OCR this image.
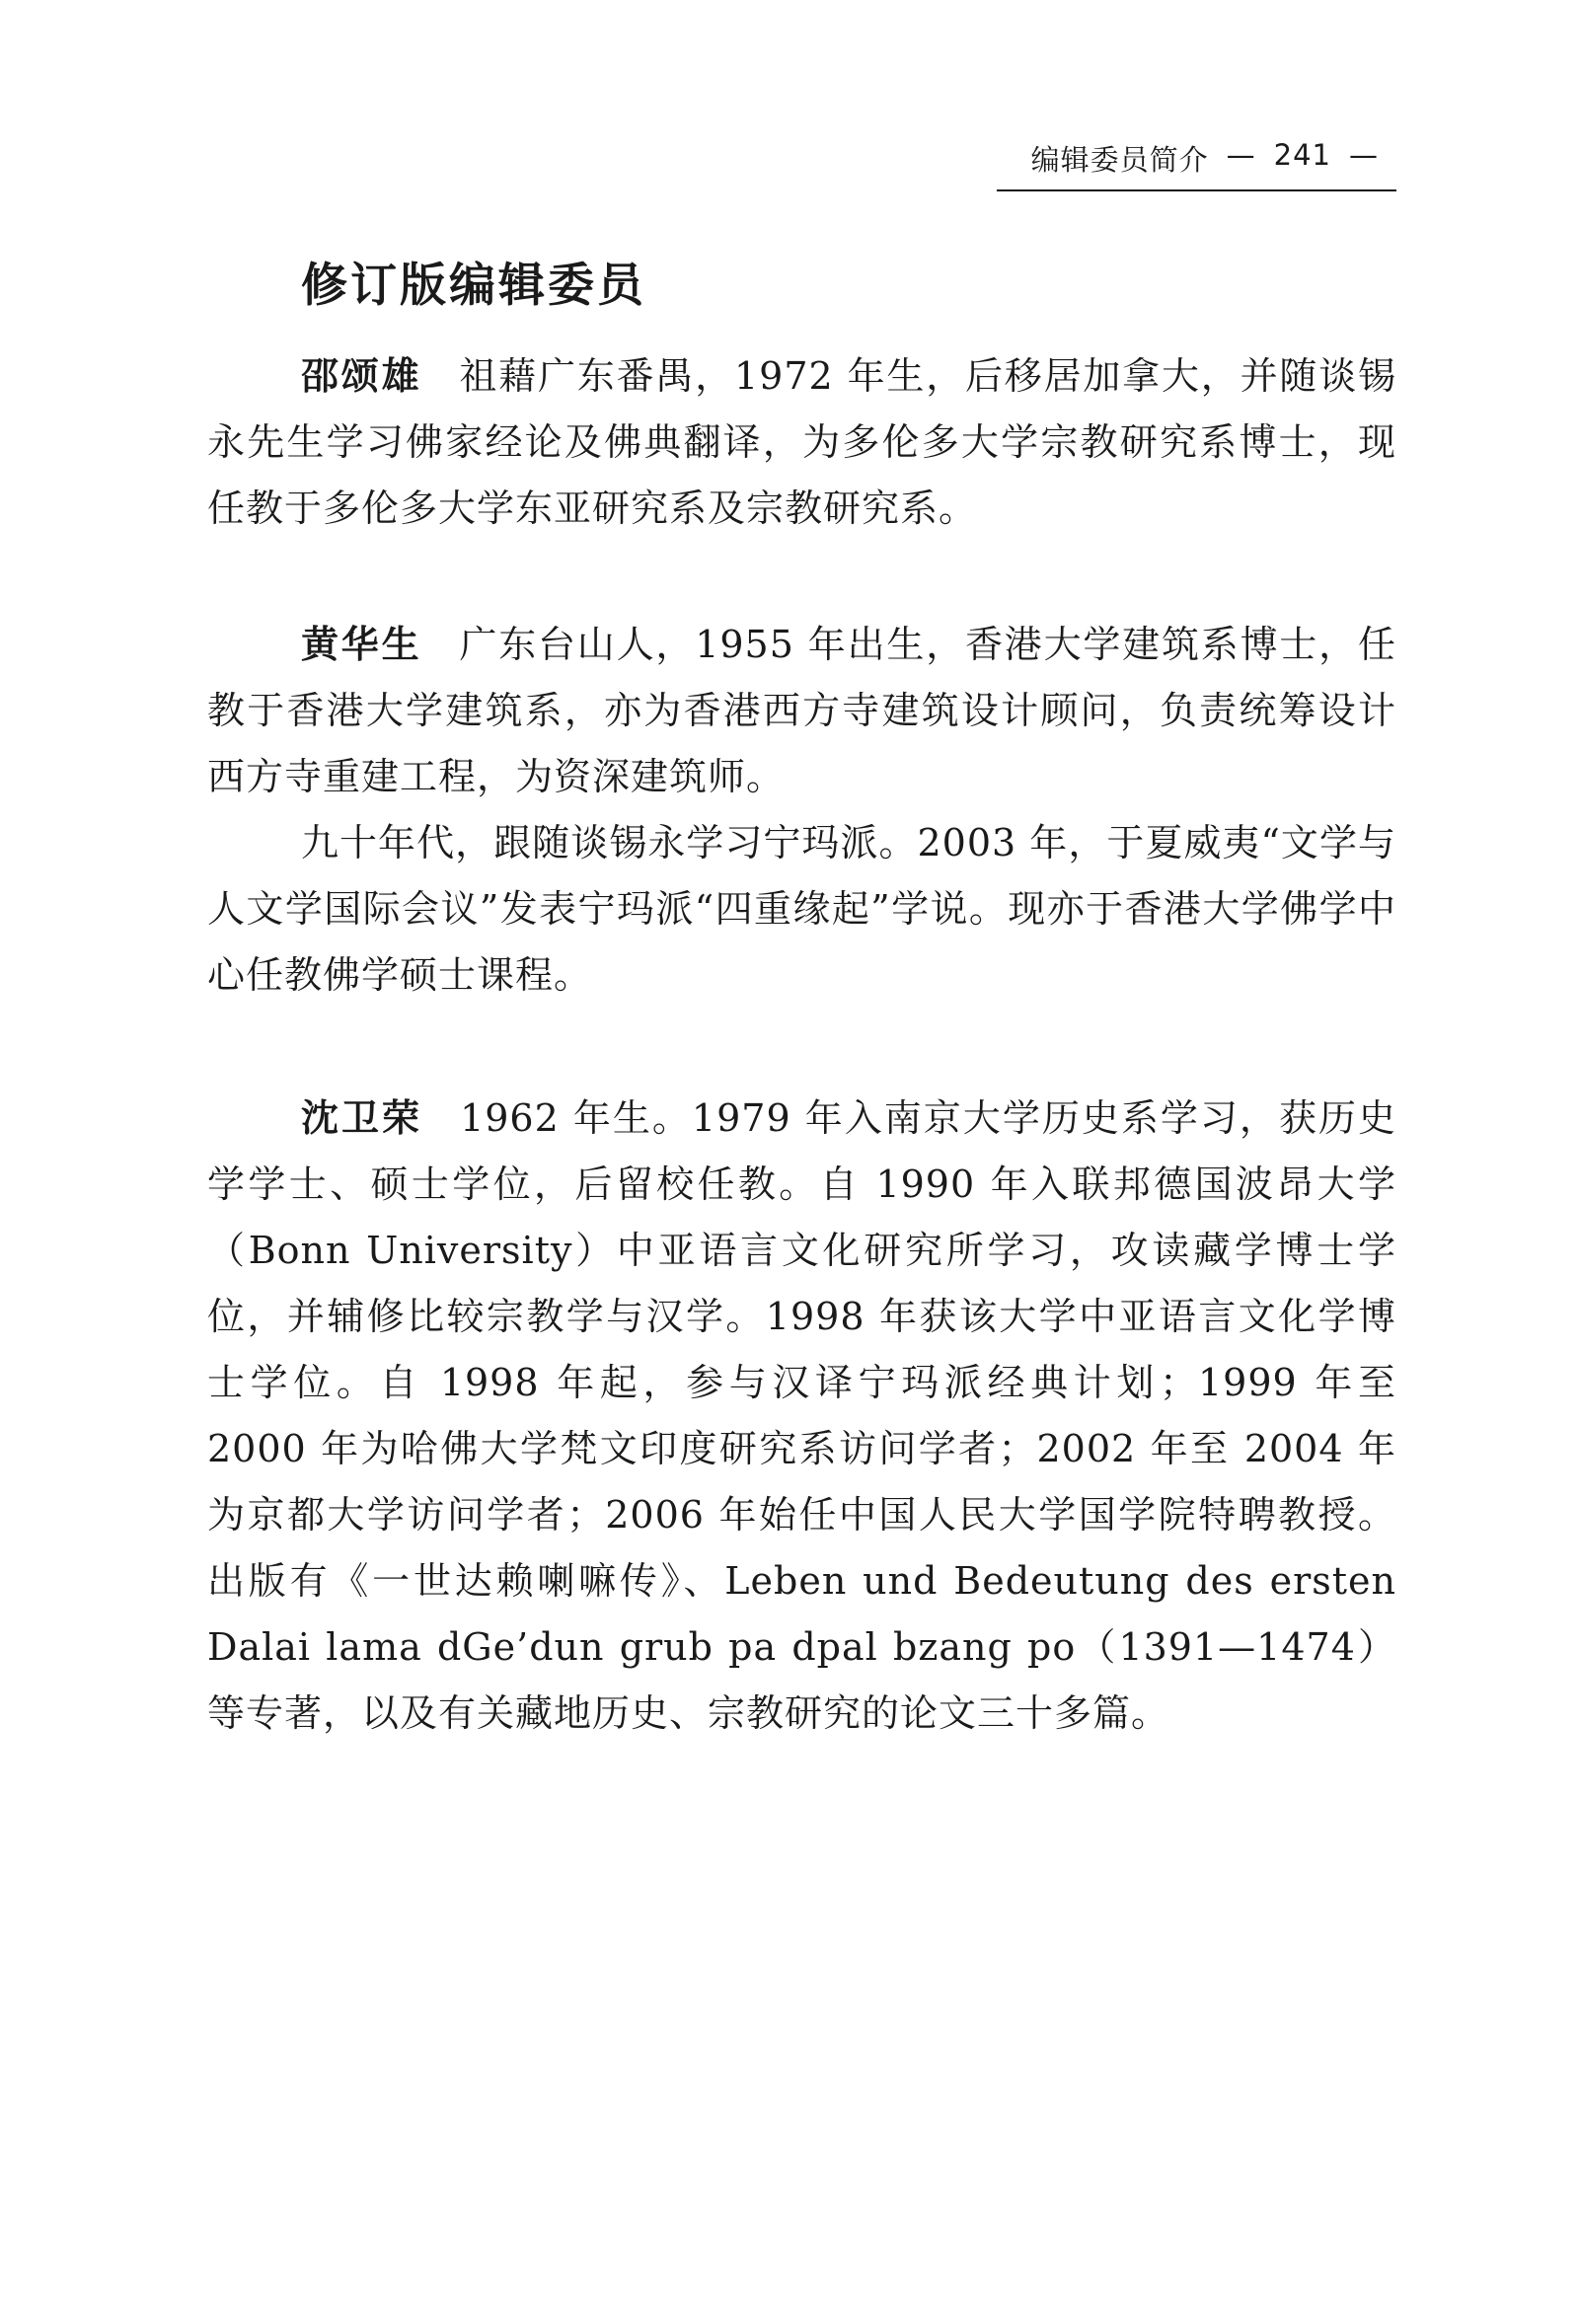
编辑委员简介 — 241 —
修订版编辑委员

邵颂雄 祖藉广东番禺，1972 年生，后移居加拿大，并随谈锡永先生学习佛家经论及佛典翻译，为多伦多大学宗教研究系博士，现任教于多伦多大学东亚研究系及宗教研究系。

黄华生 广东台山人，1955 年出生，香港大学建筑系博士，任教于香港大学建筑系，亦为香港西方寺建筑设计顾问，负责统筹设计西方寺重建工程，为资深建筑师。

九十年代，跟随谈锡永学习宁玛派。2003 年，于夏威夷“文学与人文学国际会议”发表宁玛派“四重缘起”学说。现亦于香港大学佛学中心任教佛学硕士课程。

沈卫荣 1962 年生。1979 年入南京大学历史系学习，获历史学学士、硕士学位，后留校任教。自 1990 年入联邦德国波昂大学（Bonn University）中亚语言文化研究所学习，攻读藏学博士学位，并辅修比较宗教学与汉学。1998 年获该大学中亚语言文化学博士学位。自 1998 年起，参与汉译宁玛派经典计划；1999 年至 2000 年为哈佛大学梵文印度研究系访问学者；2002 年至 2004 年为京都大学访问学者；2006 年始任中国人民大学国学院特聘教授。出版有《一世达赖喇嘛传》、Leben und Bedeutung des ersten Dalai lama dGe’dun grub pa dpal bzang po（1391—1474）等专著，以及有关藏地历史、宗教研究的论文三十多篇。
